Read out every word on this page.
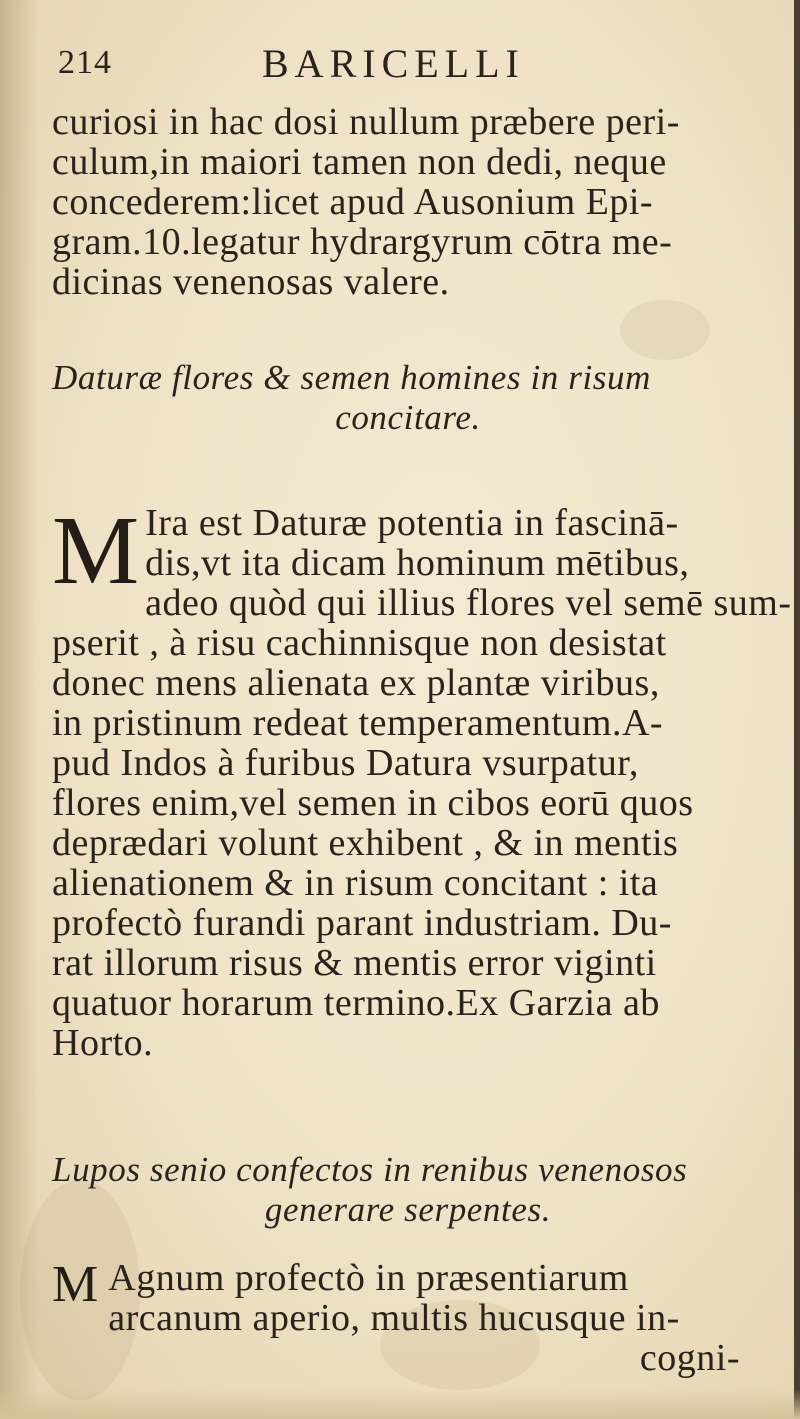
214	BARICELLI
curiosi in hac dosi nullum præbere peri-
culum,in maiori tamen non dedi, neque
concederem:licet apud Ausonium Epi-
gram.10.legatur hydrargyrum cōtra me-
dicinas venenosas valere.
Daturæ flores & semen homines in risum
concitare.
M Ira est Daturæ potentia in fascinā-
dis,vt ita dicam hominum mētibus,
adeo quòd qui illius flores vel semē sum-
pserit , à risu cachinnisque non desistat
donec mens alienata ex plantæ viribus,
in pristinum redeat temperamentum.A-
pud Indos à furibus Datura vsurpatur,
flores enim,vel semen in cibos eorū quos
deprædari volunt exhibent , & in mentis
alienationem & in risum concitant : ita
profectò furandi parant industriam. Du-
rat illorum risus & mentis error viginti
quatuor horarum termino.Ex Garzia ab
Horto.
Lupos senio confectos in renibus venenosos
generare serpentes.
M Agnum profectò in præsentiarum
arcanum aperio, multis hucusque in-
cogni-
